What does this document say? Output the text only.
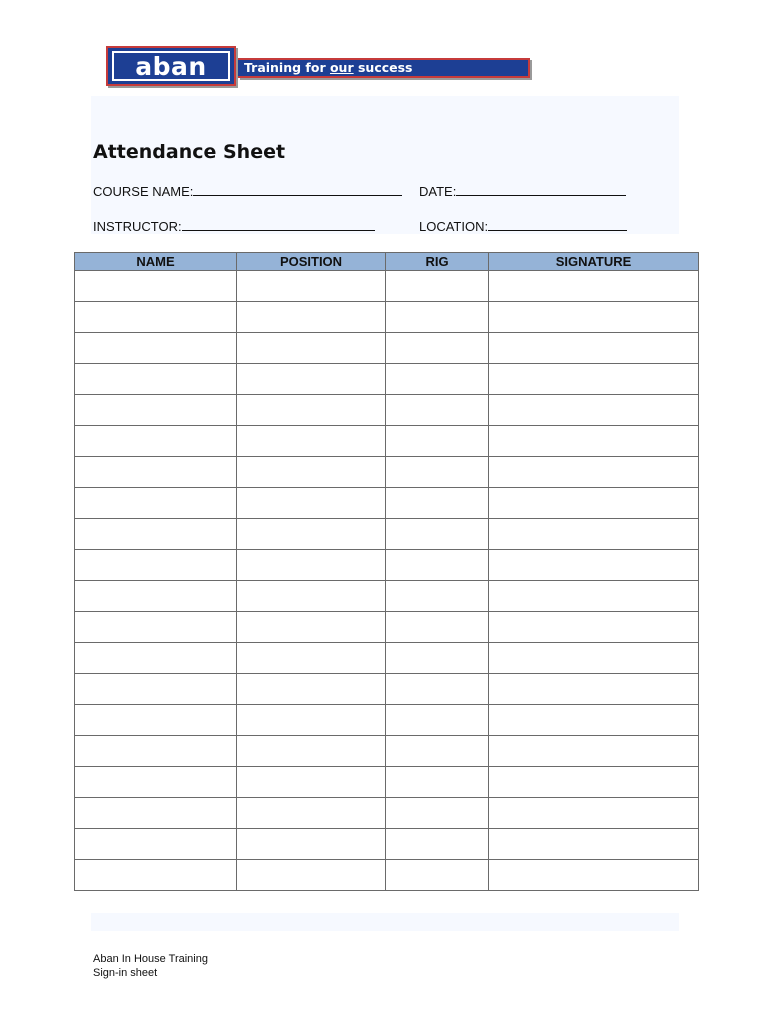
aban	Training for our success
Attendance Sheet
COURSE NAME:	DATE:
INSTRUCTOR:	LOCATION:
NAME	POSITION	RIG	SIGNATURE

Aban In House Training
Sign-in sheet
